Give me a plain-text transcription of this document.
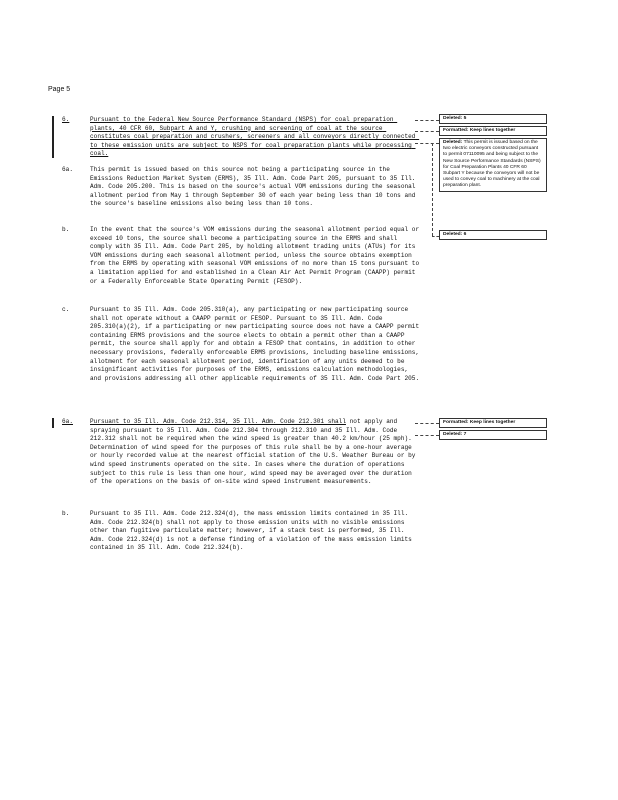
Page 5
6.	Pursuant to the Federal New Source Performance Standard (NSPS) for coal preparation plants, 40 CFR 60, Subpart A and Y, crushing and screening of coal at the source constitutes coal preparation and crushers, screeners and all conveyors directly connected to these emission units are subject to NSPS for coal preparation plants while processing coal.
6a.	This permit is issued based on this source not being a participating source in the Emissions Reduction Market System (ERMS), 35 Ill. Adm. Code Part 205, pursuant to 35 Ill. Adm. Code 205.200. This is based on the source's actual VOM emissions during the seasonal allotment period from May 1 through September 30 of each year being less than 10 tons and the source's baseline emissions also being less than 10 tons.
b.	In the event that the source's VOM emissions during the seasonal allotment period equal or exceed 10 tons, the source shall become a participating source in the ERMS and shall comply with 35 Ill. Adm. Code Part 205, by holding allotment trading units (ATUs) for its VOM emissions during each seasonal allotment period, unless the source obtains exemption from the ERMS by operating with seasonal VOM emissions of no more than 15 tons pursuant to a limitation applied for and established in a Clean Air Act Permit Program (CAAPP) permit or a Federally Enforceable State Operating Permit (FESOP).
c.	Pursuant to 35 Ill. Adm. Code 205.310(a), any participating or new participating source shall not operate without a CAAPP permit or FESOP. Pursuant to 35 Ill. Adm. Code 205.310(a)(2), if a participating or new participating source does not have a CAAPP permit containing ERMS provisions and the source elects to obtain a permit other than a CAAPP permit, the source shall apply for and obtain a FESOP that contains, in addition to other necessary provisions, federally enforceable ERMS provisions, including baseline emissions, allotment for each seasonal allotment period, identification of any units deemed to be insignificant activities for purposes of the ERMS, emissions calculation methodologies, and provisions addressing all other applicable requirements of 35 Ill. Adm. Code Part 205.
6a.	Pursuant to 35 Ill. Adm. Code 212.314, 35 Ill. Adm. Code 212.301 shall not apply and spraying pursuant to 35 Ill. Adm. Code 212.304 through 212.310 and 35 Ill. Adm. Code 212.312 shall not be required when the wind speed is greater than 40.2 km/hour (25 mph). Determination of wind speed for the purposes of this rule shall be by a one-hour average or hourly recorded value at the nearest official station of the U.S. Weather Bureau or by wind speed instruments operated on the site. In cases where the duration of operations subject to this rule is less than one hour, wind speed may be averaged over the duration of the operations on the basis of on-site wind speed instrument measurements.
b.	Pursuant to 35 Ill. Adm. Code 212.324(d), the mass emission limits contained in 35 Ill. Adm. Code 212.324(b) shall not apply to those emission units with no visible emissions other than fugitive particulate matter; however, if a stack test is performed, 35 Ill. Adm. Code 212.324(d) is not a defense finding of a violation of the mass emission limits contained in 35 Ill. Adm. Code 212.324(b).
Deleted: 5
Formatted: Keep lines together
Deleted: This permit is issued based on the two electric conveyors constructed pursuant to permit 07110095 and being subject to the New Source Performance Standards (NSPS) for Coal Preparation Plants 40 CFR 60 Subpart Y because the conveyors will not be used to convey coal to machinery at the coal preparation plant.
Deleted: 6
Formatted: Keep lines together
Deleted: 7
